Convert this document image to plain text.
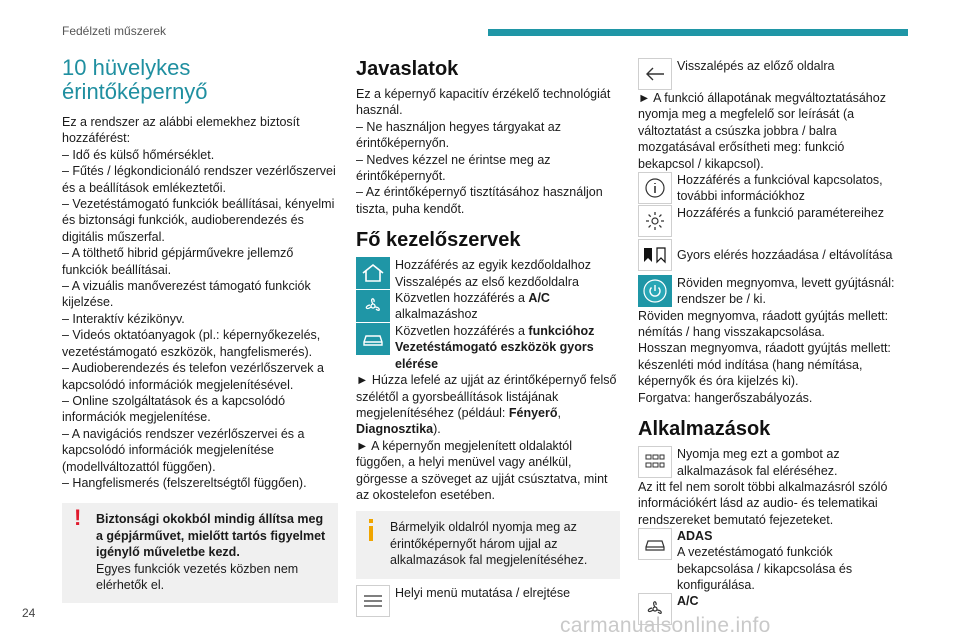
Fedélzeti műszerek
24
10 hüvelykes
érintőképernyő

Ez a rendszer az alábbi elemekhez biztosít hozzáférést:

– Idő és külső hőmérséklet.

– Fűtés / légkondicionáló rendszer vezérlőszervei és a beállítások emlékeztetői.

– Vezetéstámogató funkciók beállításai, kényelmi és biztonsági funkciók, audioberendezés és digitális műszerfal.

– A tölthető hibrid gépjárművekre jellemző funkciók beállításai.

– A vizuális manőverezést támogató funkciók kijelzése.

– Interaktív kézikönyv.

– Videós oktatóanyagok (pl.: képernyőkezelés, vezetéstámogató eszközök, hangfelismerés).

– Audioberendezés és telefon vezérlőszervek a kapcsolódó információk megjelenítésével.

– Online szolgáltatások és a kapcsolódó információk megjelenítése.

– A navigációs rendszer vezérlőszervei és a kapcsolódó információk megjelenítése (modellváltozattól függően).

– Hangfelismerés (felszereltségtől függően).

! Biztonsági okokból mindig állítsa meg a gépjárművet, mielőtt tartós figyelmet igénylő műveletbe kezd.

Egyes funkciók vezetés közben nem elérhetők el.

Javaslatok

Ez a képernyő kapacitív érzékelő technológiát használ.

– Ne használjon hegyes tárgyakat az érintőképernyőn.

– Nedves kézzel ne érintse meg az érintőképernyőt.

– Az érintőképernyő tisztításához használjon tiszta, puha kendőt.

Fő kezelőszervek

Hozzáférés az egyik kezdőoldalhoz Visszalépés az első kezdőoldalra

Közvetlen hozzáférés a A/C alkalmazáshoz

Közvetlen hozzáférés a funkcióhoz Vezetéstámogató eszközök gyors elérése

► Húzza lefelé az ujját az érintőképernyő felső szélétől a gyorsbeállítások listájának megjelenítéséhez (például: Fényerő, Diagnosztika).

► A képernyőn megjelenített oldalaktól függően, a helyi menüvel vagy anélkül, görgesse a szöveget az ujját csúsztatva, mint az okostelefon esetében.

Bármelyik oldalról nyomja meg az érintőképernyőt három ujjal az alkalmazások fal megjelenítéséhez.

Helyi menü mutatása / elrejtése

Visszalépés az előző oldalra

► A funkció állapotának megváltoztatásához nyomja meg a megfelelő sor leírását (a változtatást a csúszka jobbra / balra mozgatásával erősítheti meg: funkció bekapcsol / kikapcsol).

Hozzáférés a funkcióval kapcsolatos, további információkhoz

Hozzáférés a funkció paramétereihez

Gyors elérés hozzáadása / eltávolítása

Röviden megnyomva, levett gyújtásnál: rendszer be / ki.

Röviden megnyomva, ráadott gyújtás mellett: némítás / hang visszakapcsolása.

Hosszan megnyomva, ráadott gyújtás mellett: készenléti mód indítása (hang némítása, képernyők és óra kijelzés ki).

Forgatva: hangerőszabályozás.

Alkalmazások

Nyomja meg ezt a gombot az alkalmazások fal eléréséhez.

Az itt fel nem sorolt többi alkalmazásról szóló információkért lásd az audio- és telematikai rendszereket bemutató fejezeteket.

ADAS

A vezetéstámogató funkciók bekapcsolása / kikapcsolása és konfigurálása.

A/C

carmanualsonline.info
